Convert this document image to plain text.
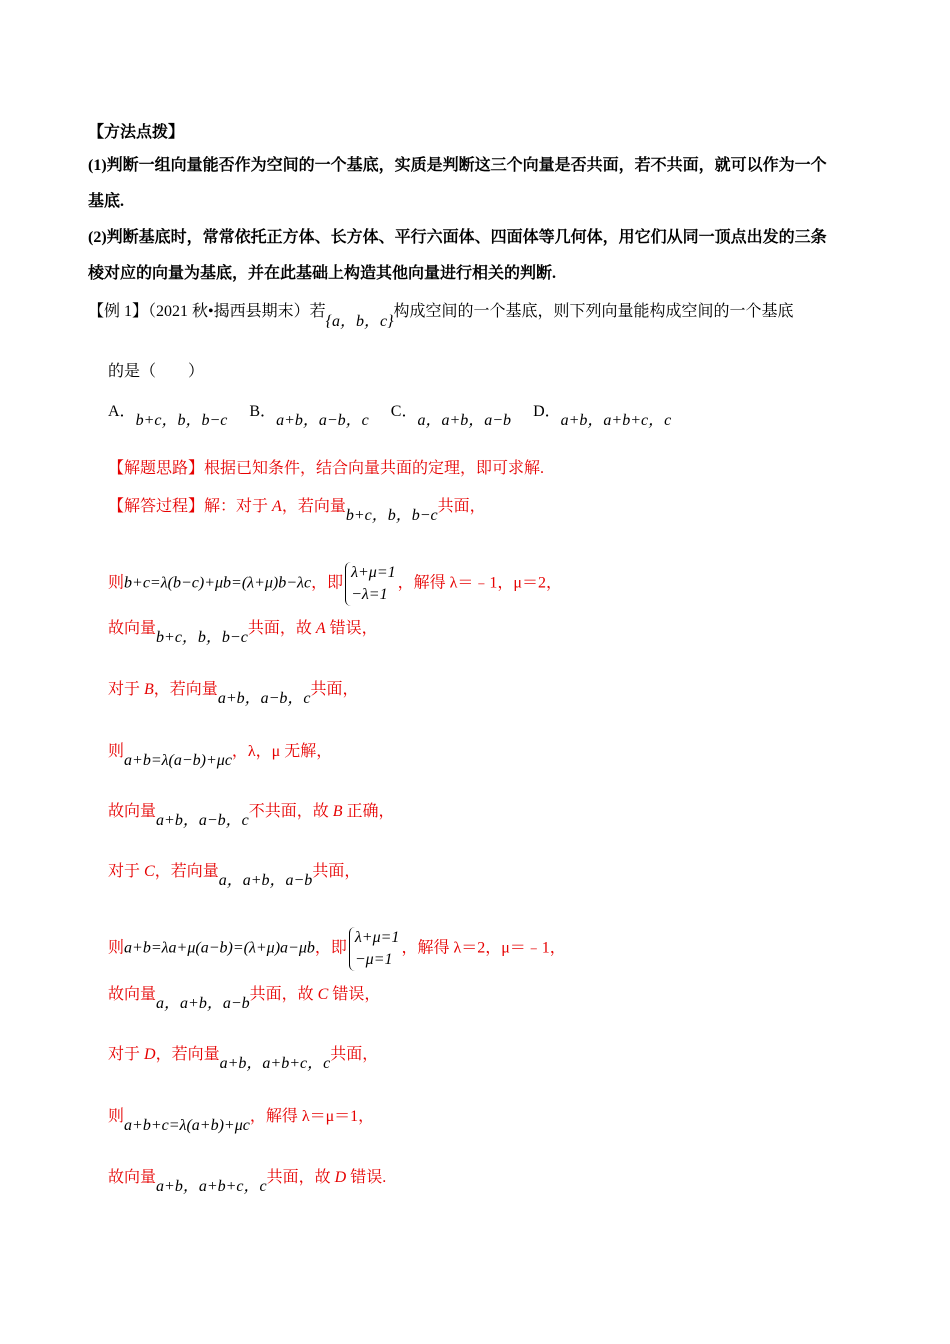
【方法点拨】
(1)判断一组向量能否作为空间的一个基底，实质是判断这三个向量是否共面，若不共面，就可以作为一个
基底.
(2)判断基底时，常常依托正方体、长方体、平行六面体、四面体等几何体，用它们从同一顶点出发的三条
棱对应的向量为基底，并在此基础上构造其他向量进行相关的判断.
【例 1】（2021 秋•揭西县期末）若{a，b，c}构成空间的一个基底，则下列向量能构成空间的一个基底
的是（　　）
A．b+c，b，b−c  B．a+b，a−b，c  C．a，a+b，a−b  D．a+b，a+b+c，c
【解题思路】根据已知条件，结合向量共面的定理，即可求解.
【解答过程】解：对于 A，若向量b+c，b，b−c共面，
则b+c=λ(b−c)+μb=(λ+μ)b−λc，即
λ+μ=1
−λ=1
，解得 λ＝﹣1，μ＝2，
故向量b+c，b，b−c共面，故 A 错误，
对于 B，若向量a+b，a−b，c共面，
则a+b=λ(a−b)+μc，λ，μ 无解，
故向量a+b，a−b，c不共面，故 B 正确，
对于 C，若向量a，a+b，a−b共面，
则a+b=λa+μ(a−b)=(λ+μ)a−μb，即
λ+μ=1
−μ=1
，解得 λ＝2，μ＝﹣1，
故向量a，a+b，a−b共面，故 C 错误，
对于 D，若向量a+b，a+b+c，c共面，
则a+b+c=λ(a+b)+μc，解得 λ＝μ＝1，
故向量a+b，a+b+c，c共面，故 D 错误.
